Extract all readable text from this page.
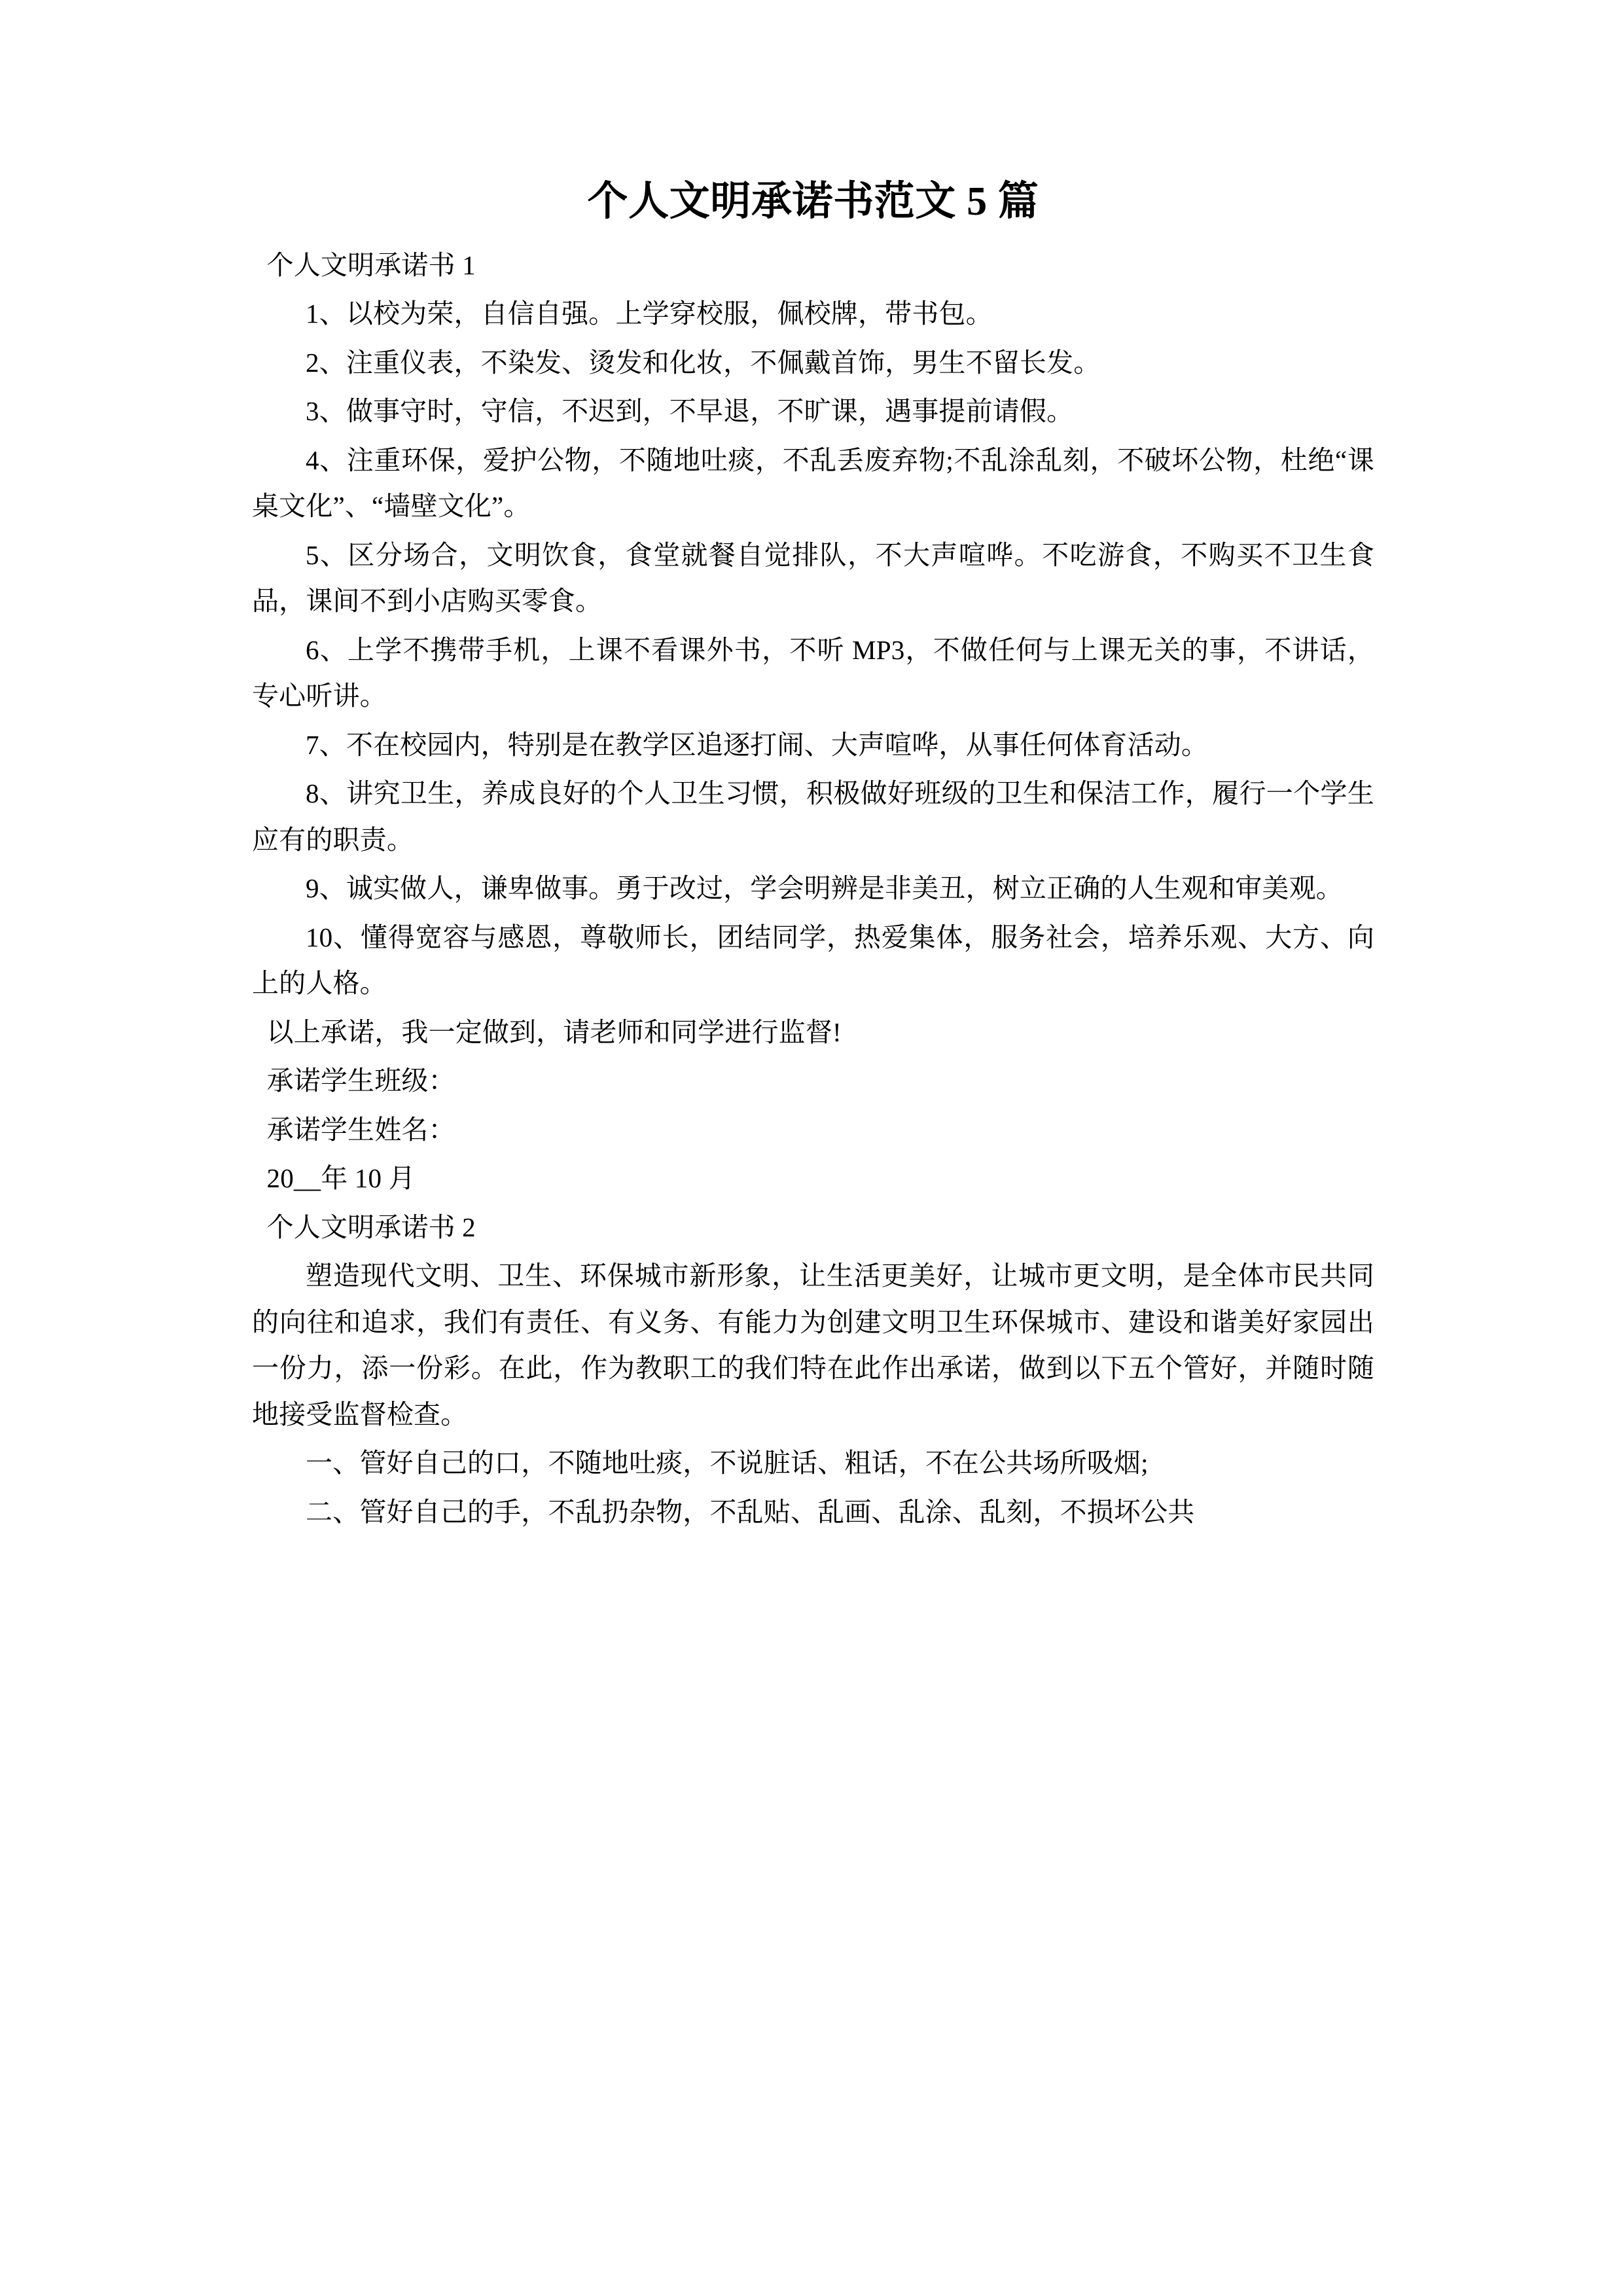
个人文明承诺书范文 5 篇

个人文明承诺书 1

1、以校为荣，自信自强。上学穿校服，佩校牌，带书包。

2、注重仪表，不染发、烫发和化妆，不佩戴首饰，男生不留长发。

3、做事守时，守信，不迟到，不早退，不旷课，遇事提前请假。

4、注重环保，爱护公物，不随地吐痰，不乱丢废弃物;不乱涂乱刻，不破坏公物，杜绝“课桌文化”、“墙壁文化”。

5、区分场合，文明饮食，食堂就餐自觉排队，不大声喧哗。不吃游食，不购买不卫生食品，课间不到小店购买零食。

6、上学不携带手机，上课不看课外书，不听 MP3，不做任何与上课无关的事，不讲话，专心听讲。

7、不在校园内，特别是在教学区追逐打闹、大声喧哗，从事任何体育活动。

8、讲究卫生，养成良好的个人卫生习惯，积极做好班级的卫生和保洁工作，履行一个学生应有的职责。

9、诚实做人，谦卑做事。勇于改过，学会明辨是非美丑，树立正确的人生观和审美观。

10、懂得宽容与感恩，尊敬师长，团结同学，热爱集体，服务社会，培养乐观、大方、向上的人格。

以上承诺，我一定做到，请老师和同学进行监督!

承诺学生班级：

承诺学生姓名：

20__年 10 月

个人文明承诺书 2

塑造现代文明、卫生、环保城市新形象，让生活更美好，让城市更文明，是全体市民共同的向往和追求，我们有责任、有义务、有能力为创建文明卫生环保城市、建设和谐美好家园出一份力，添一份彩。在此，作为教职工的我们特在此作出承诺，做到以下五个管好，并随时随地接受监督检查。

一、管好自己的口，不随地吐痰，不说脏话、粗话，不在公共场所吸烟;

二、管好自己的手，不乱扔杂物，不乱贴、乱画、乱涂、乱刻，不损坏公共
